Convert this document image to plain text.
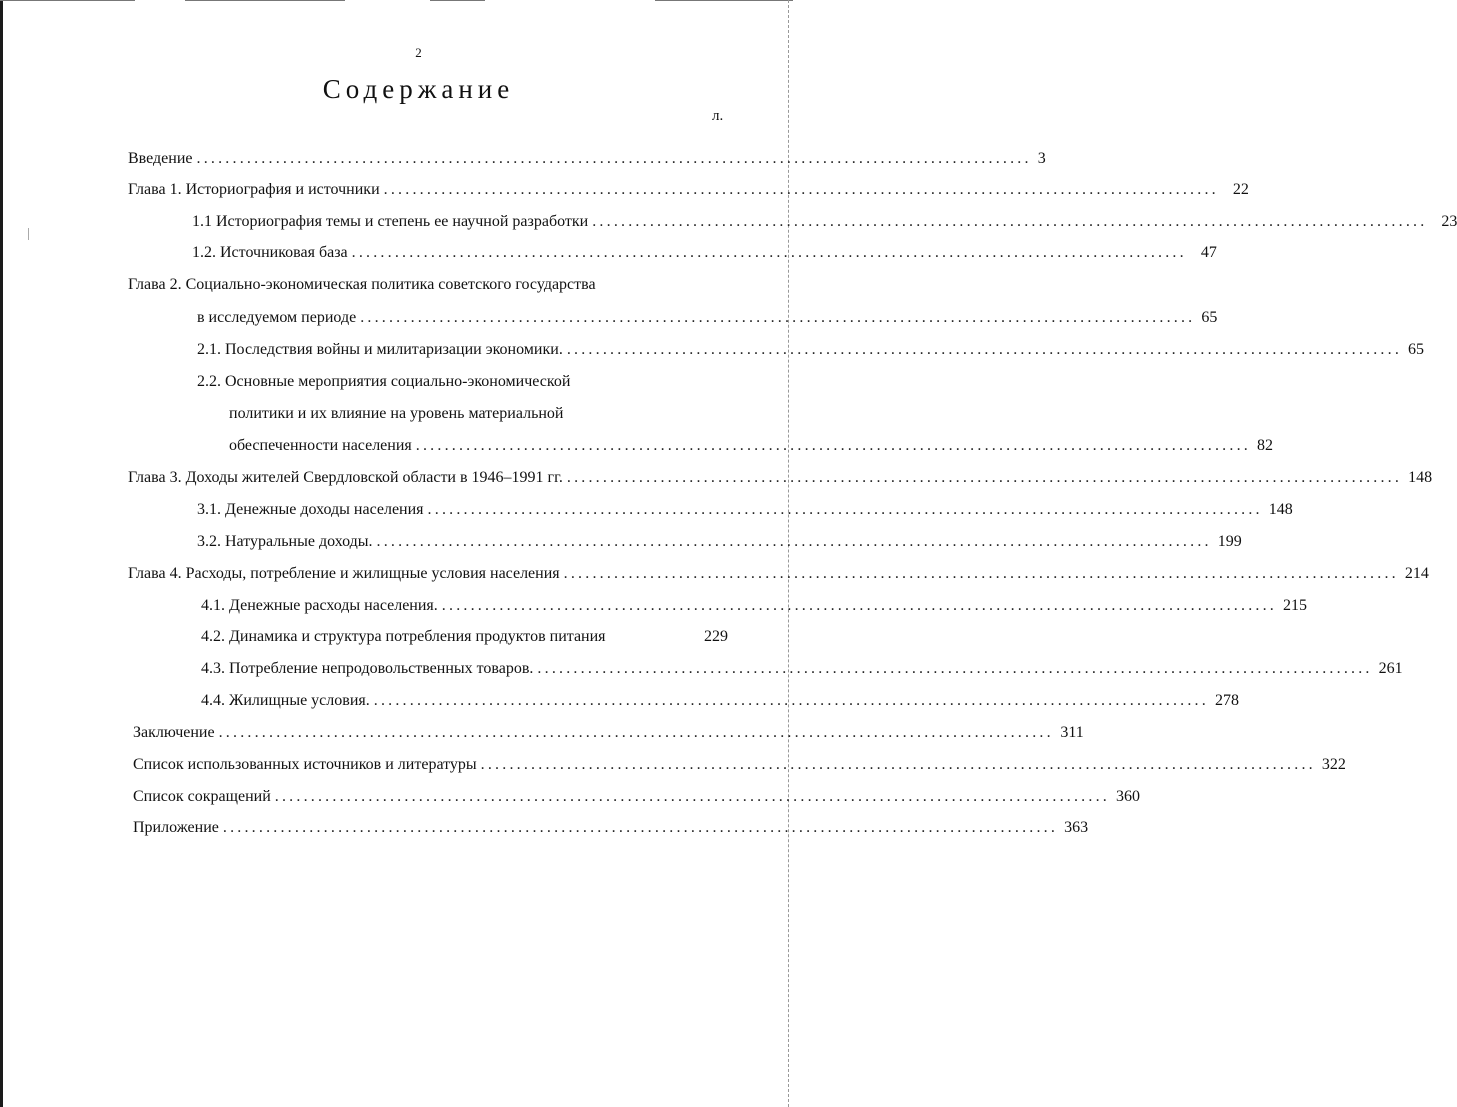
2
Содержание
л.
Введение .................................................................................................................... 3
Глава 1. Историография и источники .................................................................................................................... 22
1.1 Историография темы и степень ее научной разработки .................................................................................................................... 23
1.2. Источниковая база .................................................................................................................... 47
Глава 2. Социально-экономическая политика советского государства
в исследуемом периоде .................................................................................................................... 65
2.1. Последствия войны и милитаризации экономики. .................................................................................................................... 65
2.2. Основные мероприятия социально-экономической
политики и их влияние на уровень материальной
обеспеченности населения .................................................................................................................... 82
Глава 3. Доходы жителей Свердловской области в 1946–1991 гг. .................................................................................................................... 148
3.1. Денежные доходы населения .................................................................................................................... 148
3.2. Натуральные доходы. .................................................................................................................... 199
Глава 4. Расходы, потребление и жилищные условия населения .................................................................................................................... 214
4.1. Денежные расходы населения. .................................................................................................................... 215
4.2. Динамика и структура потребления продуктов питания	229
4.3. Потребление непродовольственных товаров. .................................................................................................................... 261
4.4. Жилищные условия. .................................................................................................................... 278
Заключение .................................................................................................................... 311
Список использованных источников и литературы .................................................................................................................... 322
Список сокращений .................................................................................................................... 360
Приложение .................................................................................................................... 363
